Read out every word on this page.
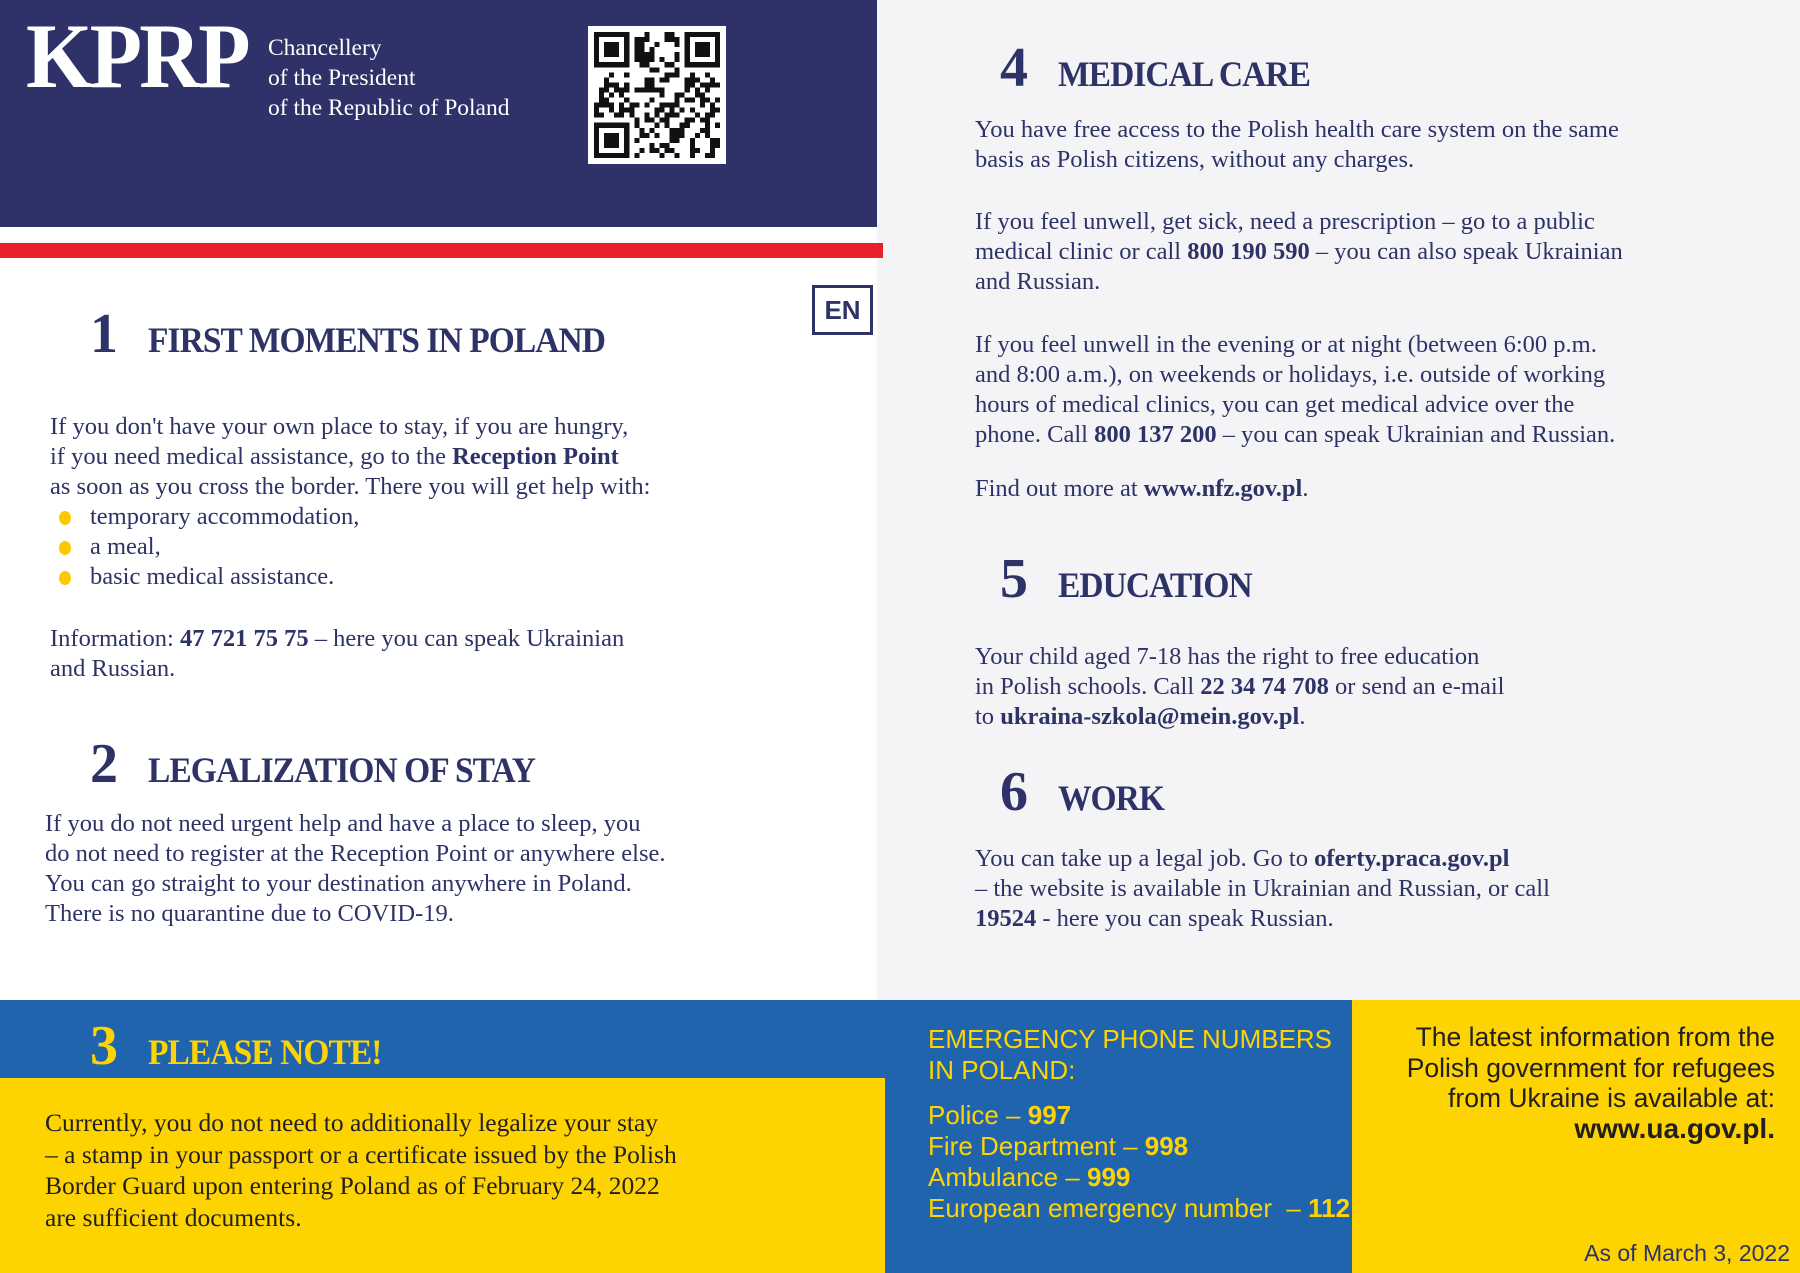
KPRP Chancellery
of the President
of the Republic of Poland
EN
1 FIRST MOMENTS IN POLAND
If you don't have your own place to stay, if you are hungry,
if you need medical assistance, go to the Reception Point
as soon as you cross the border. There you will get help with:
temporary accommodation,
a meal,
basic medical assistance.
Information: 47 721 75 75 – here you can speak Ukrainian
and Russian.
2 LEGALIZATION OF STAY
If you do not need urgent help and have a place to sleep, you
do not need to register at the Reception Point or anywhere else.
You can go straight to your destination anywhere in Poland.
There is no quarantine due to COVID-19.
3 PLEASE NOTE!
Currently, you do not need to additionally legalize your stay
– a stamp in your passport or a certificate issued by the Polish
Border Guard upon entering Poland as of February 24, 2022
are sufficient documents.
4 MEDICAL CARE
You have free access to the Polish health care system on the same
basis as Polish citizens, without any charges.
If you feel unwell, get sick, need a prescription – go to a public
medical clinic or call 800 190 590 – you can also speak Ukrainian
and Russian.
If you feel unwell in the evening or at night (between 6:00 p.m.
and 8:00 a.m.), on weekends or holidays, i.e. outside of working
hours of medical clinics, you can get medical advice over the
phone. Call 800 137 200 – you can speak Ukrainian and Russian.
Find out more at www.nfz.gov.pl.
5 EDUCATION
Your child aged 7-18 has the right to free education
in Polish schools. Call 22 34 74 708 or send an e-mail
to ukraina-szkola@mein.gov.pl.
6 WORK
You can take up a legal job. Go to oferty.praca.gov.pl
– the website is available in Ukrainian and Russian, or call
19524 - here you can speak Russian.
EMERGENCY PHONE NUMBERS
IN POLAND:
Police – 997
Fire Department – 998
Ambulance – 999
European emergency number  – 112
The latest information from the
Polish government for refugees
from Ukraine is available at:
www.ua.gov.pl.
As of March 3, 2022
